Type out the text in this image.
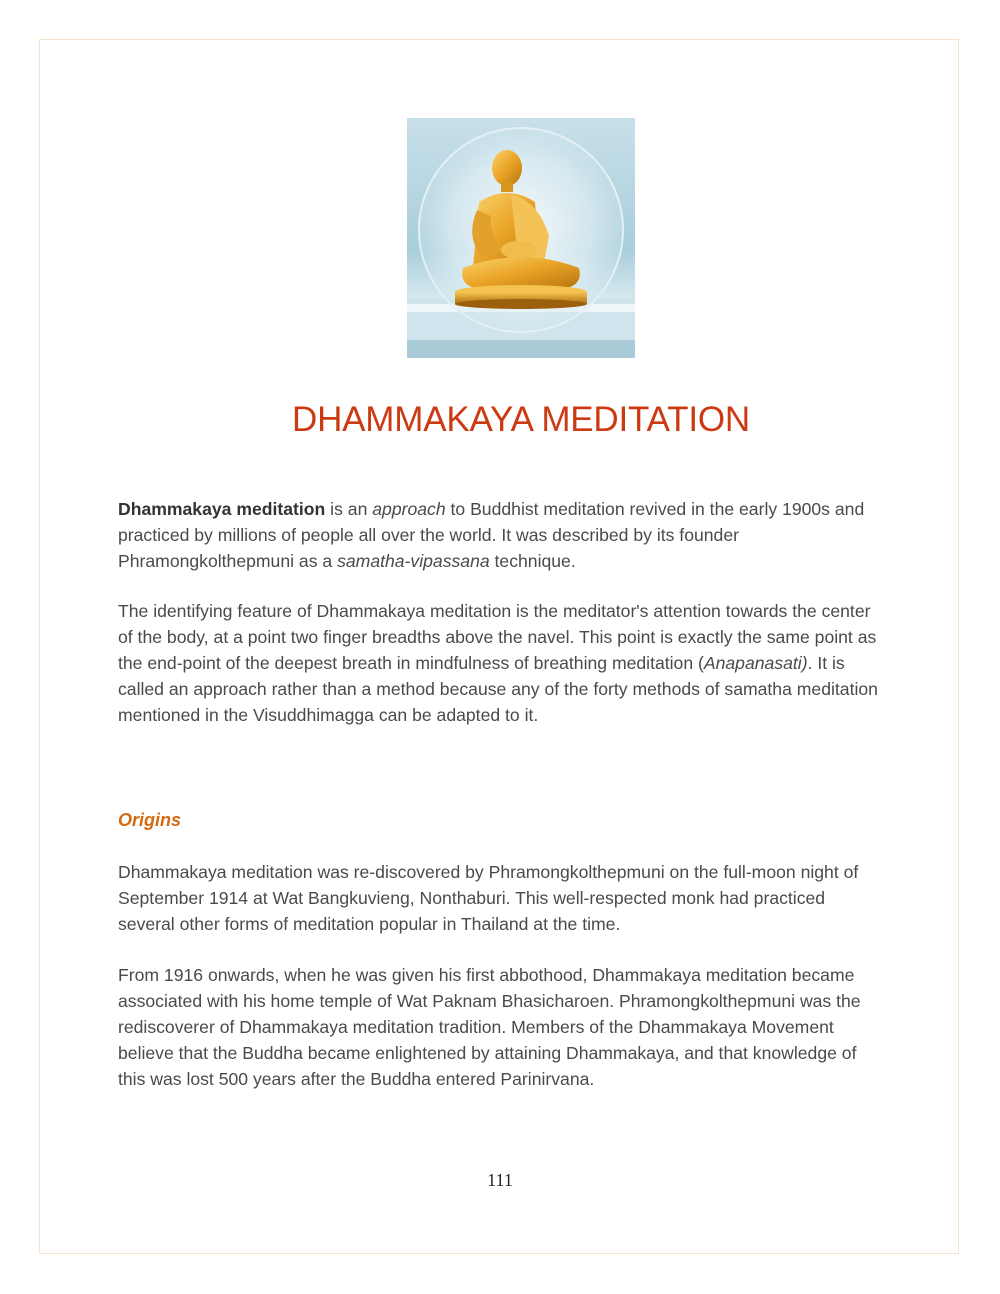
DHAMMAKAYA MEDITATION

Dhammakaya meditation is an approach to Buddhist meditation revived in the early 1900s and practiced by millions of people all over the world. It was described by its founder Phramongkolthepmuni as a samatha-vipassana technique.

The identifying feature of Dhammakaya meditation is the meditator's attention towards the center of the body, at a point two finger breadths above the navel. This point is exactly the same point as the end-point of the deepest breath in mindfulness of breathing meditation (Anapanasati). It is called an approach rather than a method because any of the forty methods of samatha meditation mentioned in the Visuddhimagga can be adapted to it.

Origins

Dhammakaya meditation was re-discovered by Phramongkolthepmuni on the full-moon night of September 1914 at Wat Bangkuvieng, Nonthaburi. This well-respected monk had practiced several other forms of meditation popular in Thailand at the time.

From 1916 onwards, when he was given his first abbothood, Dhammakaya meditation became associated with his home temple of Wat Paknam Bhasicharoen. Phramongkolthepmuni was the rediscoverer of Dhammakaya meditation tradition. Members of the Dhammakaya Movement believe that the Buddha became enlightened by attaining Dhammakaya, and that knowledge of this was lost 500 years after the Buddha entered Parinirvana.

111
